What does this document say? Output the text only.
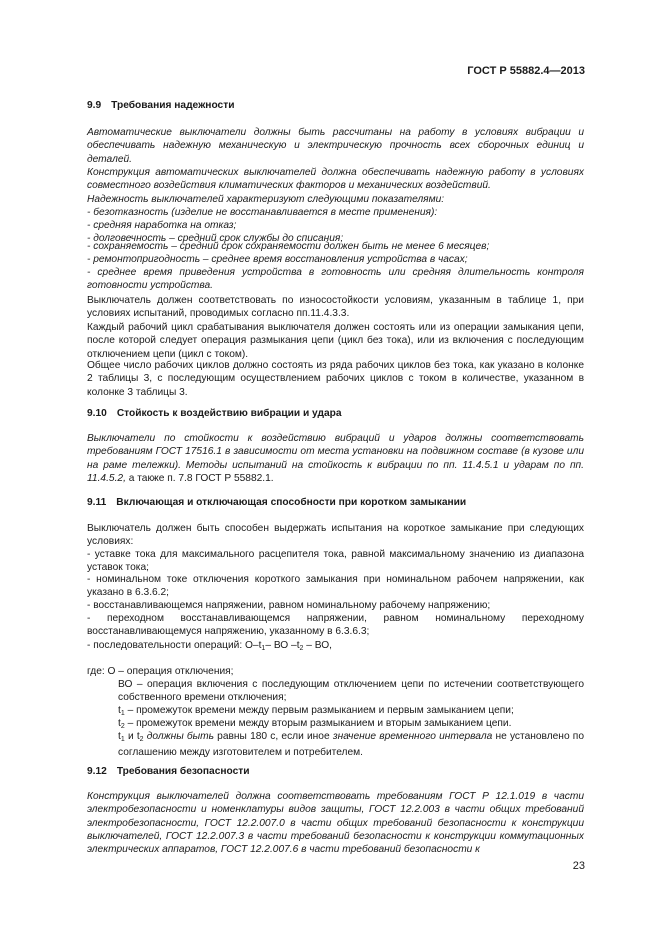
ГОСТ Р 55882.4—2013
9.9 Требования надежности

Автоматические выключатели должны быть рассчитаны на работу в условиях вибрации и обеспечивать надежную механическую и электрическую прочность всех сборочных единиц и деталей.

Конструкция автоматических выключателей должна обеспечивать надежную работу в условиях совместного воздействия климатических факторов и механических воздействий.

Надежность выключателей характеризуют следующими показателями:

- безотказность (изделие не восстанавливается в месте применения):

- средняя наработка на отказ;

- долговечность – средний срок службы до списания;

- сохраняемость – средний срок сохраняемости должен быть не менее 6 месяцев;

- ремонтопригодность – среднее время восстановления устройства в часах;

- среднее время приведения устройства в готовность или средняя длительность контроля готовности устройства.

Выключатель должен соответствовать по износостойкости условиям, указанным в таблице 1, при условиях испытаний, проводимых согласно пп.11.4.3.3.

Каждый рабочий цикл срабатывания выключателя должен состоять или из операции замыкания цепи, после которой следует операция размыкания цепи (цикл без тока), или из включения с последующим отключением цепи (цикл с током).

Общее число рабочих циклов должно состоять из ряда рабочих циклов без тока, как указано в колонке 2 таблицы 3, с последующим осуществлением рабочих циклов с током в количестве, указанном в колонке 3 таблицы 3.

9.10 Стойкость к воздействию вибрации и удара

Выключатели по стойкости к воздействию вибраций и ударов должны соответствовать требованиям ГОСТ 17516.1 в зависимости от места установки на подвижном составе (в кузове или на раме тележки). Методы испытаний на стойкость к вибрации по пп. 11.4.5.1 и ударам по пп. 11.4.5.2, а также п. 7.8 ГОСТ Р 55882.1.

9.11 Включающая и отключающая способности при коротком замыкании

Выключатель должен быть способен выдержать испытания на короткое замыкание при следующих условиях:

- уставке тока для максимального расцепителя тока, равной максимальному значению из диапазона уставок тока;

- номинальном токе отключения короткого замыкания при номинальном рабочем напряжении, как указано в 6.3.6.2;

- восстанавливающемся напряжении, равном номинальному рабочему напряжению;

- переходном восстанавливающемся напряжении, равном номинальному переходному восстанавливающемуся напряжению, указанному в 6.3.6.3;

- последовательности операций: $О-t_1-$ ВО $-t_2$ – ВО,

где: О – операция отключения;

ВО – операция включения с последующим отключением цепи по истечении соответствующего собственного времени отключения;

$t_1$ – промежуток времени между первым размыканием и первым замыканием цепи;

$t_2$ – промежуток времени между вторым размыканием и вторым замыканием цепи.

$t_1$ и $t_2$ должны быть равны 180 с, если иное значение временного интервала не установлено по соглашению между изготовителем и потребителем.

9.12 Требования безопасности

Конструкция выключателей должна соответствовать требованиям ГОСТ Р 12.1.019 в части электробезопасности и номенклатуры видов защиты, ГОСТ 12.2.003 в части общих требований электробезопасности, ГОСТ 12.2.007.0 в части общих требований безопасности к конструкции выключателей, ГОСТ 12.2.007.3 в части требований безопасности к конструкции коммутационных электрических аппаратов, ГОСТ 12.2.007.6 в части требований безопасности к

23
